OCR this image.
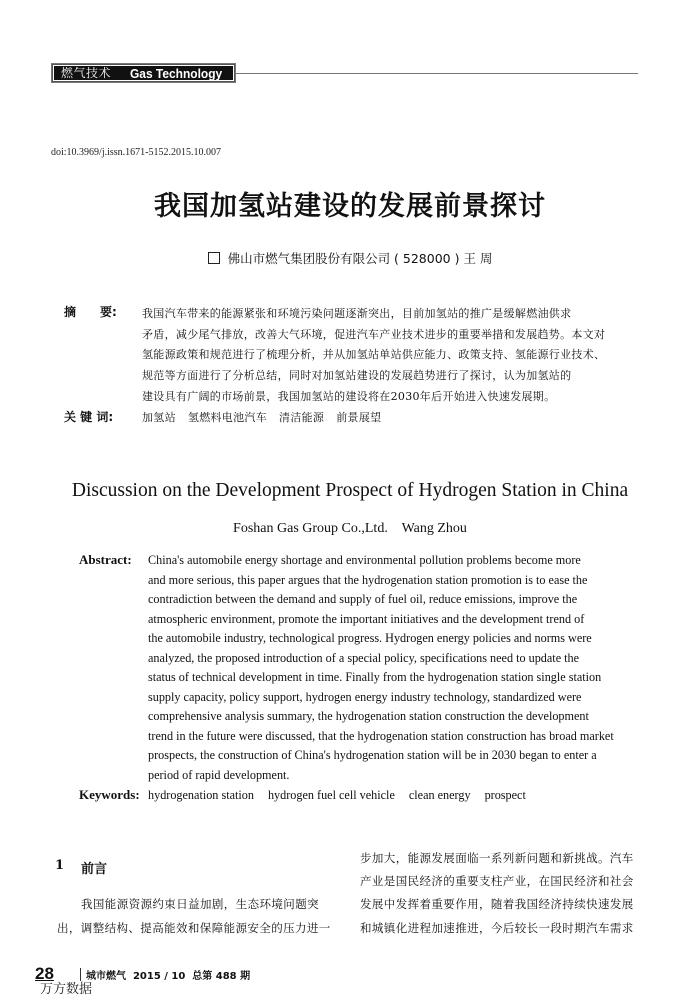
燃气技术 Gas Technology
doi:10.3969/j.issn.1671-5152.2015.10.007
我国加氢站建设的发展前景探讨
佛山市燃气集团股份有限公司 ( 528000 ) 王 周
摘　　要: 我国汽车带来的能源紧张和环境污染问题逐渐突出，目前加氢站的推广是缓解燃油供求
矛盾，减少尾气排放，改善大气环境，促进汽车产业技术进步的重要举措和发展趋势。本文对
氢能源政策和规范进行了梳理分析，并从加氢站单站供应能力、政策支持、氢能源行业技术、
规范等方面进行了分析总结，同时对加氢站建设的发展趋势进行了探讨，认为加氢站的
建设具有广阔的市场前景，我国加氢站的建设将在2030年后开始进入快速发展期。
关 键 词:	加氢站 氢燃料电池汽车 清洁能源 前景展望
Discussion on the Development Prospect of Hydrogen Station in China
Foshan Gas Group Co.,Ltd.    Wang Zhou
Abstract: China's automobile energy shortage and environmental pollution problems become more
and more serious, this paper argues that the hydrogenation station promotion is to ease the
contradiction between the demand and supply of fuel oil, reduce emissions, improve the
atmospheric environment, promote the important initiatives and the development trend of
the automobile industry, technological progress. Hydrogen energy policies and norms were
analyzed, the proposed introduction of a special policy, specifications need to update the
status of technical development in time. Finally from the hydrogenation station single station
supply capacity, policy support, hydrogen energy industry technology, standardized were
comprehensive analysis summary, the hydrogenation station construction the development
trend in the future were discussed, that the hydrogenation station construction has broad market
prospects, the construction of China's hydrogenation station will be in 2030 began to enter a
period of rapid development.
Keywords: hydrogenation station hydrogen fuel cell vehicle clean energy prospect
1 前言
我国能源资源约束日益加剧，生态环境问题突
出，调整结构、提高能效和保障能源安全的压力进一
步加大，能源发展面临一系列新问题和新挑战。汽车
产业是国民经济的重要支柱产业，在国民经济和社会
发展中发挥着重要作用，随着我国经济持续快速发展
和城镇化进程加速推进，今后较长一段时期汽车需求
28	城市燃气  2015 / 10  总第 488 期
万方数据
